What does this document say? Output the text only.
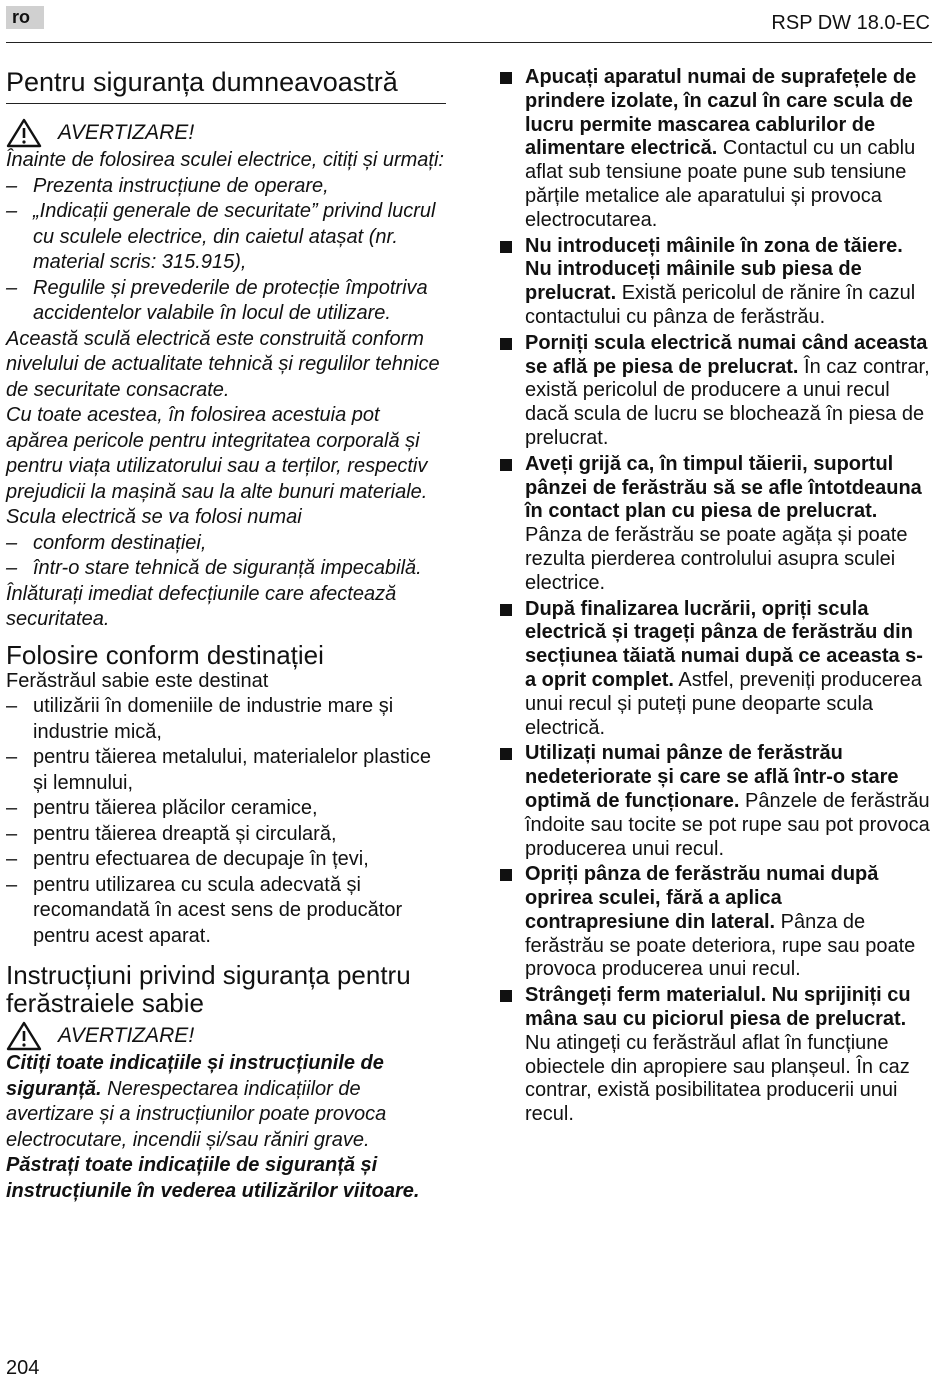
ro	RSP DW 18.0-EC
Pentru siguranța dumneavoastră
AVERTIZARE!

Înainte de folosirea sculei electrice, citiți și urmați:

– Prezenta instrucțiune de operare,
– „Indicații generale de securitate” privind lucrul cu sculele electrice, din caietul atașat (nr. material scris: 315.915),
– Regulile și prevederile de protecție împotriva accidentelor valabile în locul de utilizare.

Această sculă electrică este construită conform nivelului de actualitate tehnică și regulilor tehnice de securitate consacrate.

Cu toate acestea, în folosirea acestuia pot apărea pericole pentru integritatea corporală și pentru viața utilizatorului sau a terților, respectiv prejudicii la mașină sau la alte bunuri materiale.

Scula electrică se va folosi numai

– conform destinației,
– într-o stare tehnică de siguranță impecabilă.

Înlăturați imediat defecțiunile care afectează securitatea.

Folosire conform destinației

Ferăstrăul sabie este destinat

– utilizării în domeniile de industrie mare și industrie mică,
– pentru tăierea metalului, materialelor plastice și lemnului,
– pentru tăierea plăcilor ceramice,
– pentru tăierea dreaptă și circulară,
– pentru efectuarea de decupaje în țevi,
– pentru utilizarea cu scula adecvată și recomandată în acest sens de producător pentru acest aparat.
Instrucțiuni privind siguranța pentru ferăstraiele sabie
AVERTIZARE!

Citiți toate indicațiile și instrucțiunile de siguranță. Nerespectarea indicațiilor de avertizare și a instrucțiunilor poate provoca electrocutare, incendii și/sau răniri grave.

Păstrați toate indicațiile de siguranță și instrucțiunile în vederea utilizărilor viitoare.

Apucați aparatul numai de suprafețele de prindere izolate, în cazul în care scula de lucru permite mascarea cablurilor de alimentare electrică. Contactul cu un cablu aflat sub tensiune poate pune sub tensiune părțile metalice ale aparatului și provoca electrocutarea.
Nu introduceți mâinile în zona de tăiere. Nu introduceți mâinile sub piesa de prelucrat. Există pericolul de rănire în cazul contactului cu pânza de ferăstrău.
Porniți scula electrică numai când aceasta se află pe piesa de prelucrat. În caz contrar, există pericolul de producere a unui recul dacă scula de lucru se blochează în piesa de prelucrat.
Aveți grijă ca, în timpul tăierii, suportul pânzei de ferăstrău să se afle întotdeauna în contact plan cu piesa de prelucrat. Pânza de ferăstrău se poate agăța și poate rezulta pierderea controlului asupra sculei electrice.
După finalizarea lucrării, opriți scula electrică și trageți pânza de ferăstrău din secțiunea tăiată numai după ce aceasta s-a oprit complet. Astfel, preveniți producerea unui recul și puteți pune deoparte scula electrică.
Utilizați numai pânze de ferăstrău nedeteriorate și care se află într-o stare optimă de funcționare. Pânzele de ferăstrău îndoite sau tocite se pot rupe sau pot provoca producerea unui recul.
Opriți pânza de ferăstrău numai după oprirea sculei, fără a aplica contrapresiune din lateral. Pânza de ferăstrău se poate deteriora, rupe sau poate provoca producerea unui recul.
Strângeți ferm materialul. Nu sprijiniți cu mâna sau cu piciorul piesa de prelucrat. Nu atingeți cu ferăstrăul aflat în funcțiune obiectele din apropiere sau planșeul. În caz contrar, există posibilitatea producerii unui recul.
204
